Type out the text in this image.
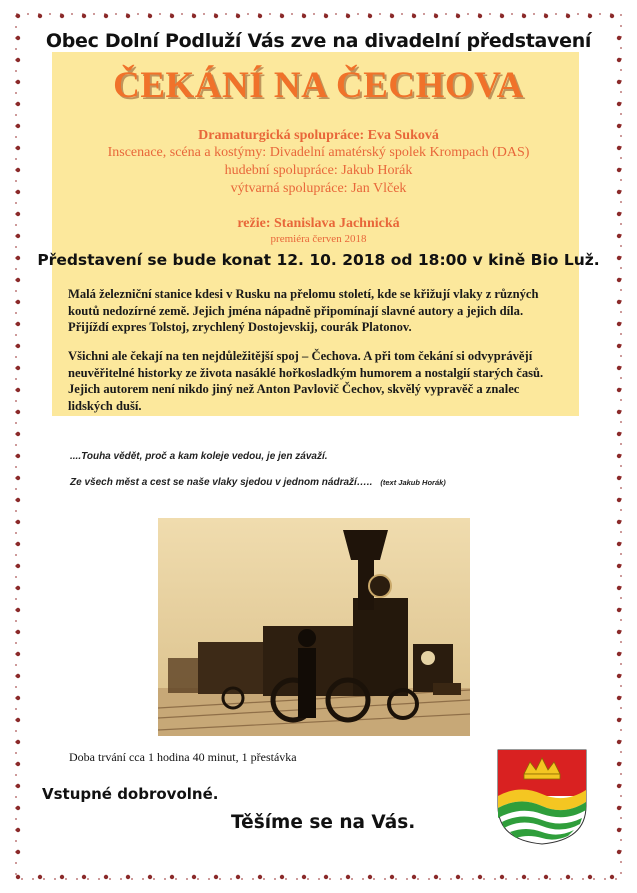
Obec Dolní Podluží Vás zve na divadelní představení
ČEKÁNÍ NA ČECHOVA
Dramaturgická spolupráce: Eva Suková
Inscenace, scéna a kostýmy: Divadelní amatérský spolek Krompach (DAS)
hudební spolupráce: Jakub Horák
výtvarná spolupráce: Jan Vlček
režie: Stanislava Jachnická
premiéra červen 2018
Představení se bude konat 12. 10. 2018 od 18:00 v kině Bio Luž.
Malá železniční stanice kdesi v Rusku na přelomu století, kde se křižují vlaky z různých
koutů nedozírné země. Jejich jména nápadně připomínají slavné autory a jejich díla.
Přijíždí expres Tolstoj, zrychlený Dostojevskij, courák Platonov.
Všichni ale čekají na ten nejdůležitější spoj – Čechova. A při tom čekání si odvyprávějí
neuvěřitelné historky ze života nasáklé hořkosladkým humorem a nostalgií starých časů.
Jejich autorem není nikdo jiný než Anton Pavlovič Čechov, skvělý vypravěč a znalec
lidských duší.
....Touha vědět, proč a kam koleje vedou, je jen závaží.
Ze všech měst a cest se naše vlaky sjedou v jednom nádraží….. (text Jakub Horák)
Doba trvání cca 1 hodina 40 minut, 1 přestávka
Vstupné dobrovolné.
Těšíme se na Vás.
